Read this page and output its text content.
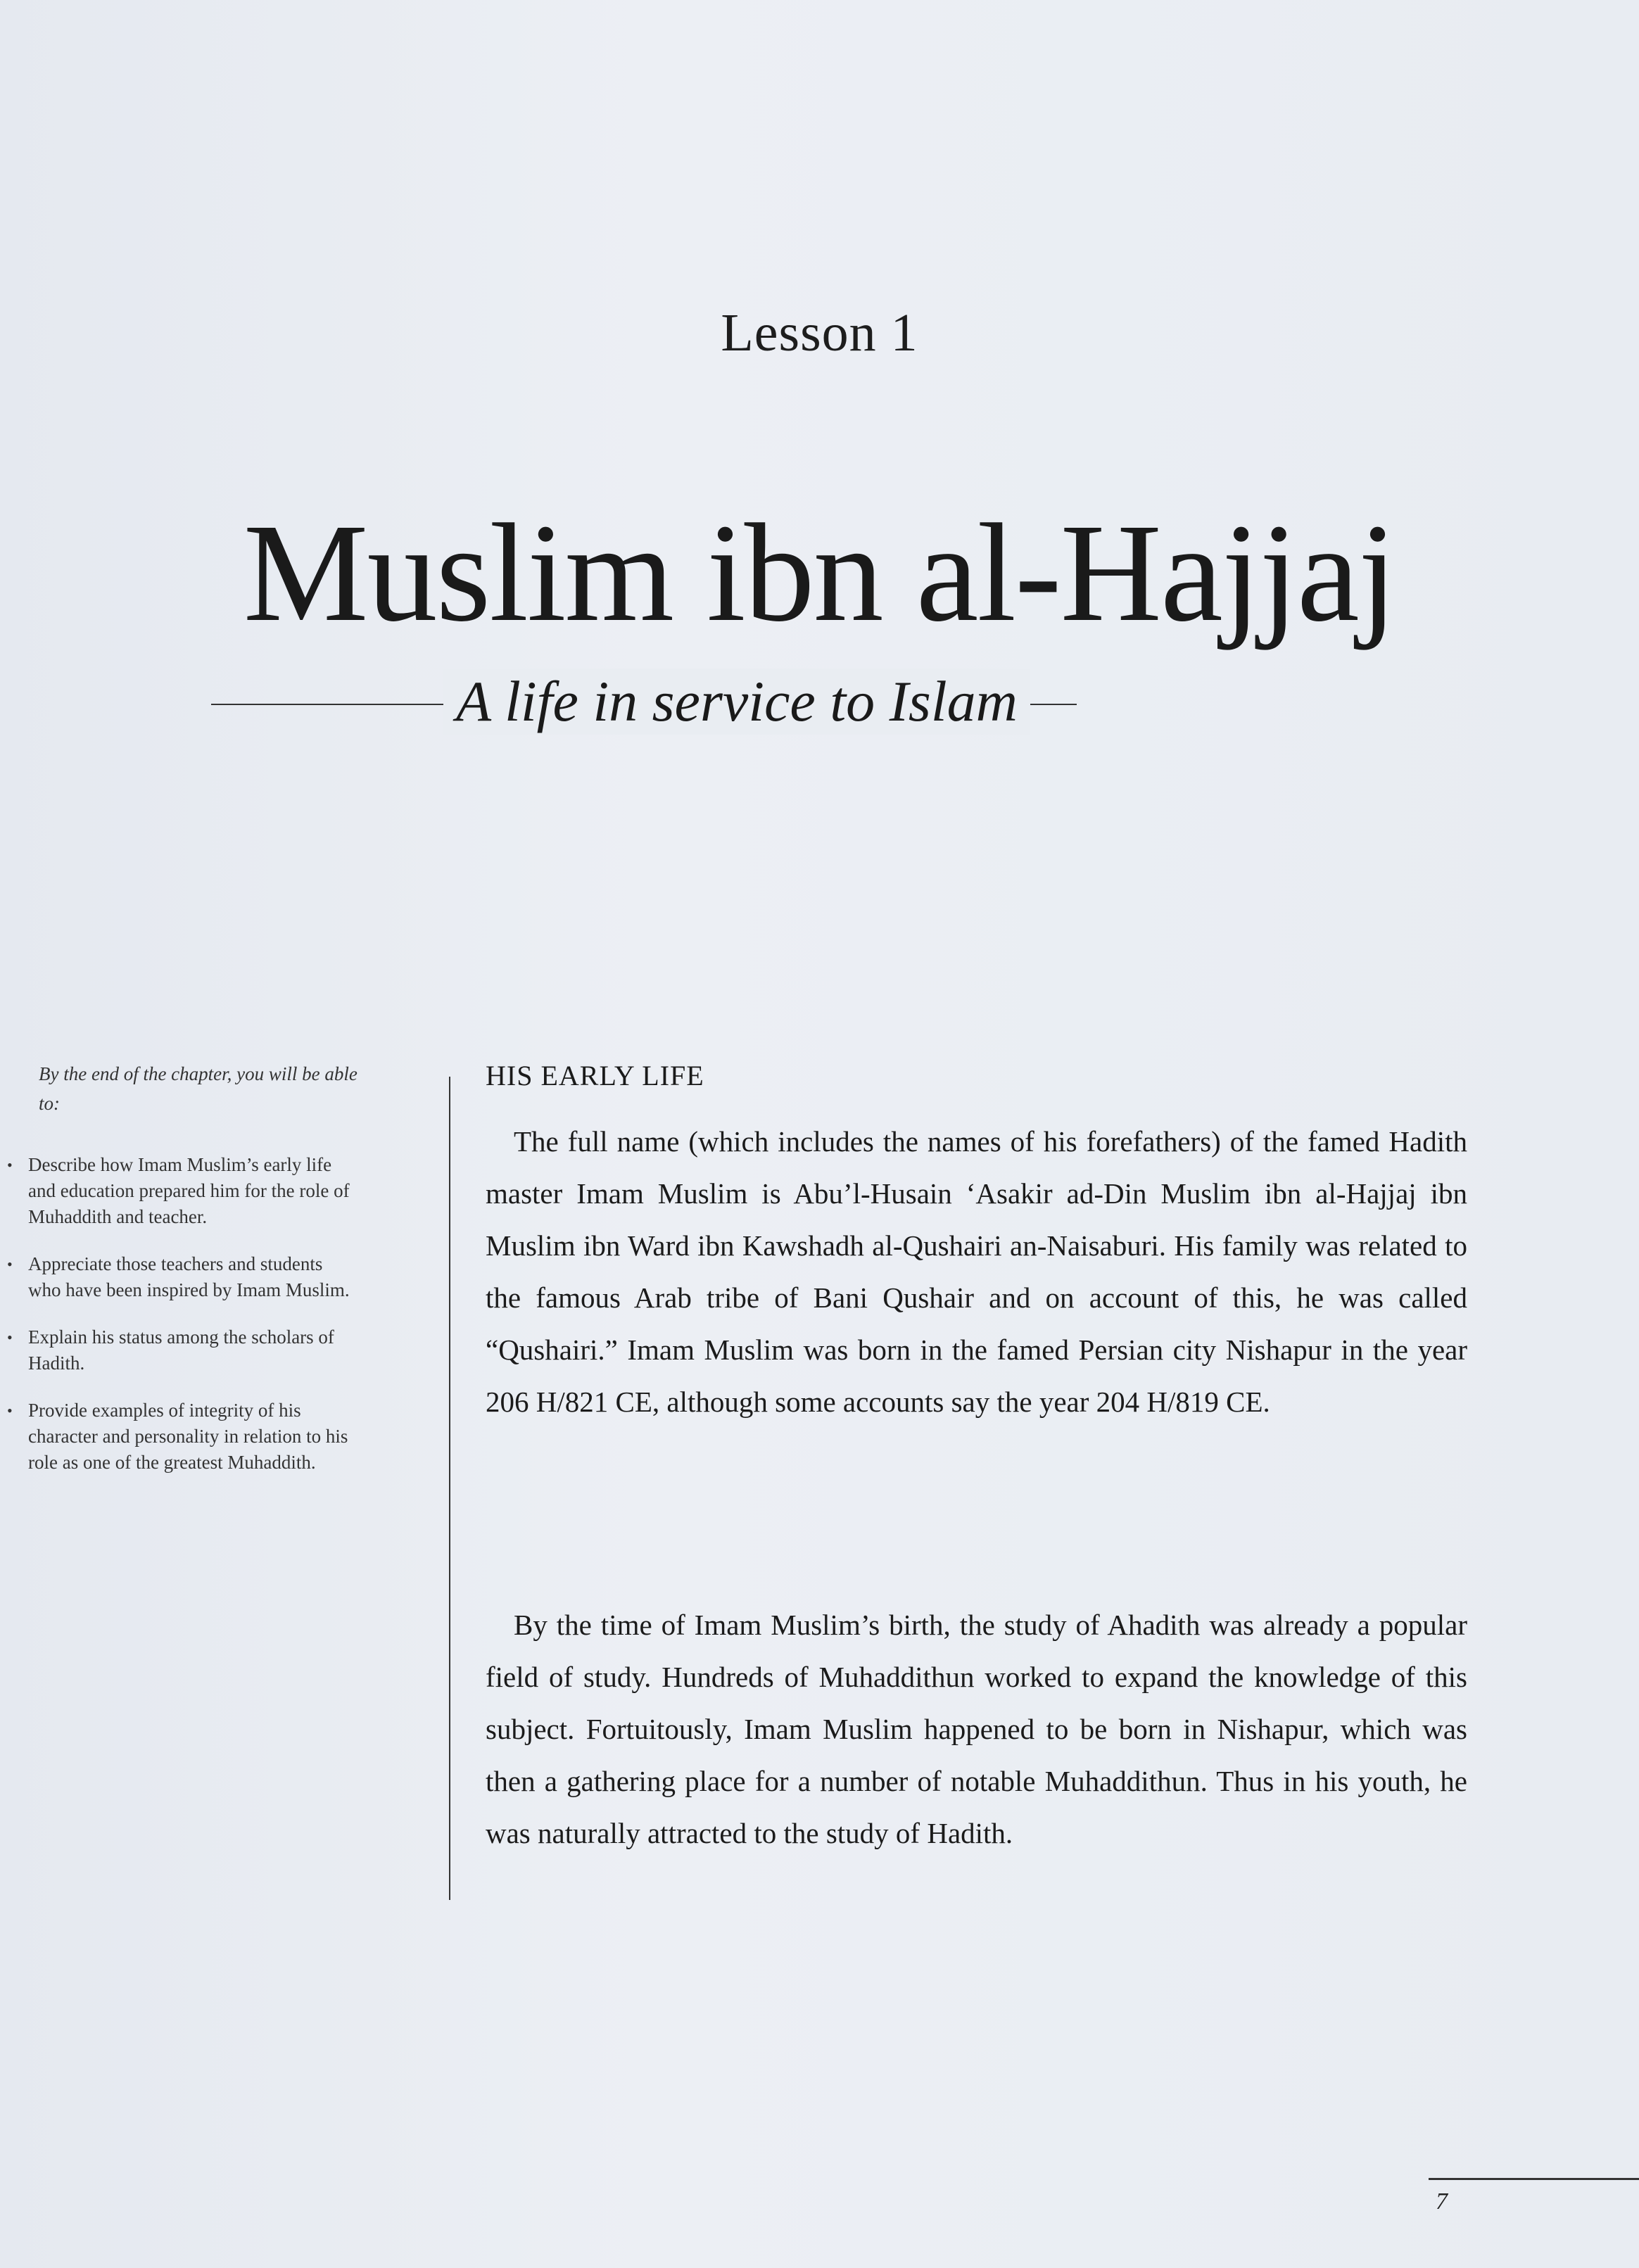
Lesson 1
Muslim ibn al-Hajjaj
A life in service to Islam

By the end of the chapter, you will be able to:

• Describe how Imam Muslim’s early life and education prepared him for the role of Muhaddith and teacher.
• Appreciate those teachers and students who have been inspired by Imam Muslim.
• Explain his status among the scholars of Hadith.
• Provide examples of integrity of his character and personality in relation to his role as one of the greatest Muhaddith.
HIS EARLY LIFE

The full name (which includes the names of his forefathers) of the famed Hadith master Imam Muslim is Abu’l-Husain ‘Asakir ad-Din Muslim ibn al-Hajjaj ibn Muslim ibn Ward ibn Kawshadh al-Qushairi an-Naisaburi. His family was related to the famous Arab tribe of Bani Qushair and on account of this, he was called “Qushairi.” Imam Muslim was born in the famed Persian city Nishapur in the year 206 H/821 CE, although some accounts say the year 204 H/819 CE.

By the time of Imam Muslim’s birth, the study of Ahadith was already a popular field of study. Hundreds of Muhaddithun worked to expand the knowledge of this subject. Fortuitously, Imam Muslim happened to be born in Nishapur, which was then a gathering place for a number of notable Muhaddithun. Thus in his youth, he was naturally attracted to the study of Hadith.

7
